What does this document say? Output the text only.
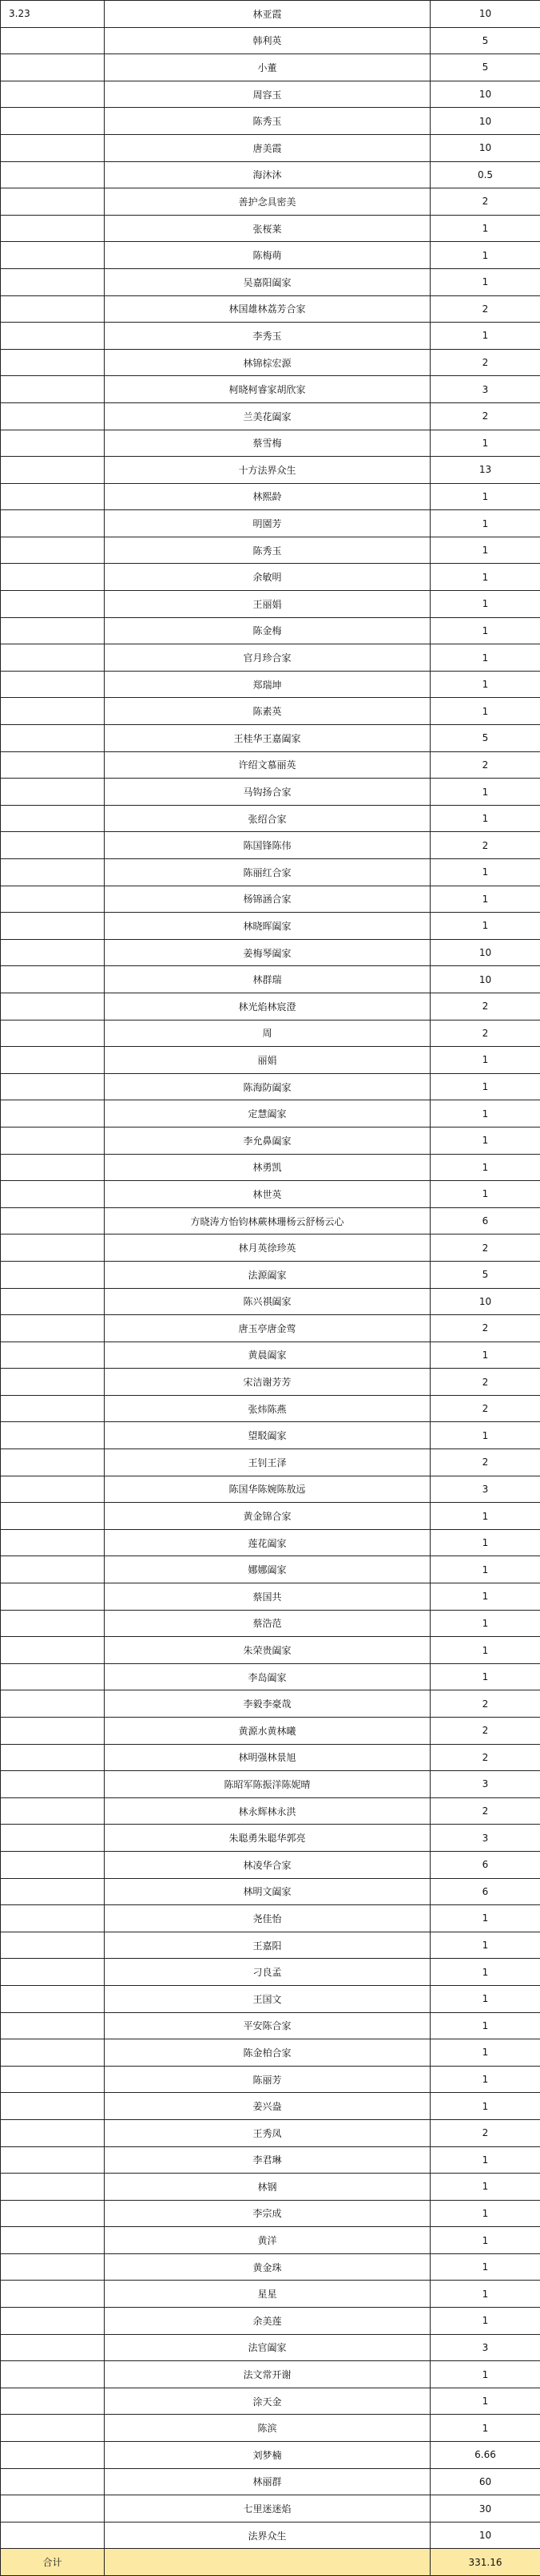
3.23	林亚霞	10
	韩利英	5
	小董	5
	周容玉	10
	陈秀玉	10
	唐美霞	10
	海沐沐	0.5
	善护念具密美	2
	张桜莱	1
	陈梅萌	1
	吴嘉阳阖家	1
	林国雄林荔芳合家	2
	李秀玉	1
	林锦棕宏源	2
	柯晓柯睿家胡欣家	3
	兰美花阖家	2
	蔡雪梅	1
	十方法界众生	13
	林熙龄	1
	明園芳	1
	陈秀玉	1
	余敏明	1
	王丽娟	1
	陈金梅	1
	官月珍合家	1
	郑瑞坤	1
	陈素英	1
	王桂华王嘉阖家	5
	许绍文慕丽英	2
	马钩扬合家	1
	张绍合家	1
	陈国锋陈伟	2
	陈丽红合家	1
	杨锦涵合家	1
	林晓晖阖家	1
	姜梅琴阖家	10
	林群瑞	10
	林光焰林宸澄	2
	周	2
	丽娟	1
	陈海防阖家	1
	定慧阖家	1
	李允鼻阖家	1
	林勇凯	1
	林世英	1
	方晓涛方怡钧林蕨林珊杨云舒杨云心	6
	林月英徐珍英	2
	法源阖家	5
	陈兴祺阖家	10
	唐玉亭唐金莺	2
	黄晨阖家	1
	宋洁谢芳芳	2
	张炜陈燕	2
	望駁阖家	1
	王钊王泽	2
	陈国华陈婉陈敖远	3
	黄金锦合家	1
	莲花阖家	1
	娜娜阖家	1
	蔡国共	1
	蔡浩范	1
	朱荣贵阖家	1
	李岛阖家	1
	李毅李豪哉	2
	黄源水黄林曦	2
	林明强林景旭	2
	陈昭军陈振洋陈妮晴	3
	林永辉林永洪	2
	朱聪勇朱聪华郭亮	3
	林凌华合家	6
	林明文阖家	6
	尧佳怡	1
	王嘉阳	1
	刁良孟	1
	王国文	1
	平安陈合家	1
	陈金柏合家	1
	陈丽芳	1
	姜兴盎	1
	王秀凤	2
	李君琳	1
	林钢	1
	李宗成	1
	黄洋	1
	黄金珠	1
	星星	1
	余美莲	1
	法官阖家	3
	法文常开谢	1
	涂天金	1
	陈滨	1
	刘梦楠	6.66
	林丽群	60
	七里迷迷焰	30
	法界众生	10
合计		331.16
